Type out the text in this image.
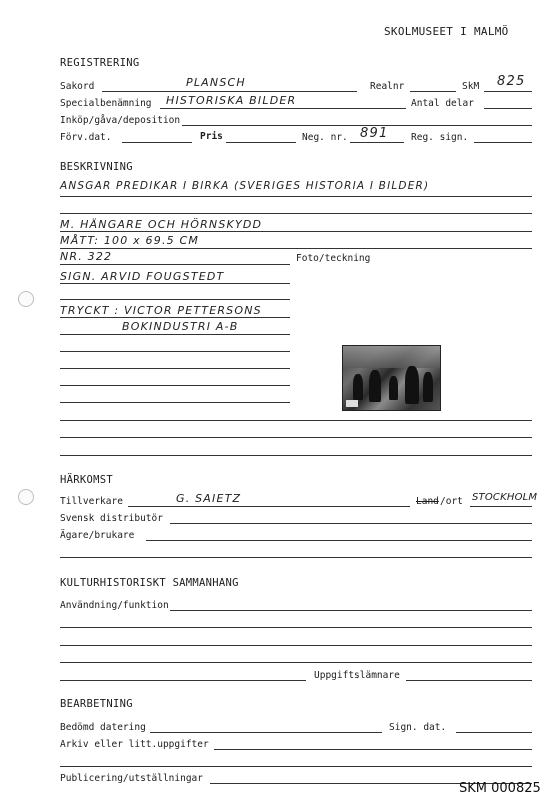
SKOLMUSEET I MALMÖ
REGISTRERING
Sakord	PLANSCH	Realnr	SkM 825
Specialbenämning HISTORISKA BILDER	Antal delar
Inköp/gåva/deposition
Förv.dat.	Pris	Neg. nr. 891 Reg. sign.
BESKRIVNING
ANSGAR PREDIKAR I BIRKA (SVERIGES HISTORIA I BILDER)
M. HÄNGARE OCH HÖRNSKYDD
MÅTT: 100 x 69.5 CM
NR. 322	Foto/teckning
SIGN. ARVID FOUGSTEDT
TRYCKT : VICTOR PETTERSONS
BOKINDUSTRI A-B
HÄRKOMST
Tillverkare	G. SAIETZ	Land /ort STOCKHOLM
Svensk distributör
Ägare/brukare
KULTURHISTORISKT SAMMANHANG
Användning/funktion
Uppgiftslämnare
BEARBETNING
Bedömd datering	Sign. dat.
Arkiv eller litt.uppgifter
Publicering/utställningar
SKM 000825
